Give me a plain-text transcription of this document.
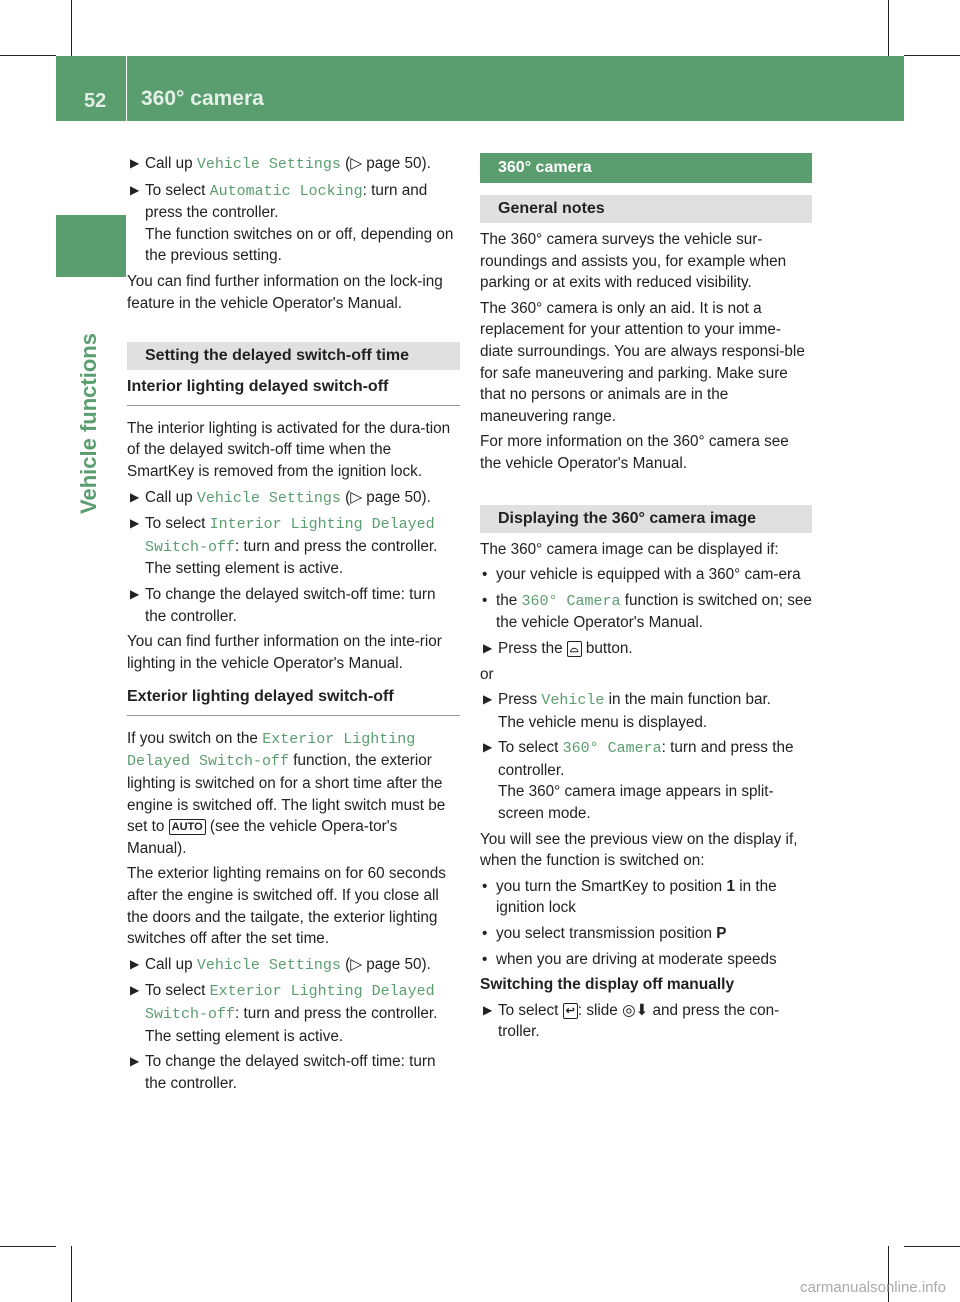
52 360° camera
Vehicle functions
▶ Call up Vehicle Settings (▷ page 50).
▶ To select Automatic Locking: turn and press the controller.
The function switches on or off, depending on the previous setting.

You can find further information on the lock-ing feature in the vehicle Operator's Manual.

Setting the delayed switch-off time
Interior lighting delayed switch-off

The interior lighting is activated for the dura-tion of the delayed switch-off time when the SmartKey is removed from the ignition lock.

▶ Call up Vehicle Settings (▷ page 50).
▶ To select Interior Lighting Delayed Switch-off: turn and press the controller.
The setting element is active.
▶ To change the delayed switch-off time: turn the controller.

You can find further information on the inte-rior lighting in the vehicle Operator's Manual.

Exterior lighting delayed switch-off

If you switch on the Exterior Lighting Delayed Switch-off function, the exterior lighting is switched on for a short time after the engine is switched off. The light switch must be set to AUTO (see the vehicle Opera-tor's Manual).

The exterior lighting remains on for 60 seconds after the engine is switched off. If you close all the doors and the tailgate, the exterior lighting switches off after the set time.

▶ Call up Vehicle Settings (▷ page 50).
▶ To select Exterior Lighting Delayed Switch-off: turn and press the controller.
The setting element is active.
▶ To change the delayed switch-off time: turn the controller.
360° camera
General notes

The 360° camera surveys the vehicle sur-roundings and assists you, for example when parking or at exits with reduced visibility.

The 360° camera is only an aid. It is not a replacement for your attention to your imme-diate surroundings. You are always responsi-ble for safe maneuvering and parking. Make sure that no persons or animals are in the maneuvering range.

For more information on the 360° camera see the vehicle Operator's Manual.

Displaying the 360° camera image

The 360° camera image can be displayed if:

• your vehicle is equipped with a 360° cam-era
• the 360° Camera function is switched on; see the vehicle Operator's Manual.
▶ Press the ⌓ button.

or

▶ Press Vehicle in the main function bar.
The vehicle menu is displayed.
▶ To select 360° Camera: turn and press the controller.
The 360° camera image appears in split-screen mode.

You will see the previous view on the display if, when the function is switched on:

• you turn the SmartKey to position 1 in the ignition lock
• you select transmission position P
• when you are driving at moderate speeds
Switching the display off manually
▶ To select ↩ : slide ◎⬇ and press the con-troller.
carmanualsonline.info
